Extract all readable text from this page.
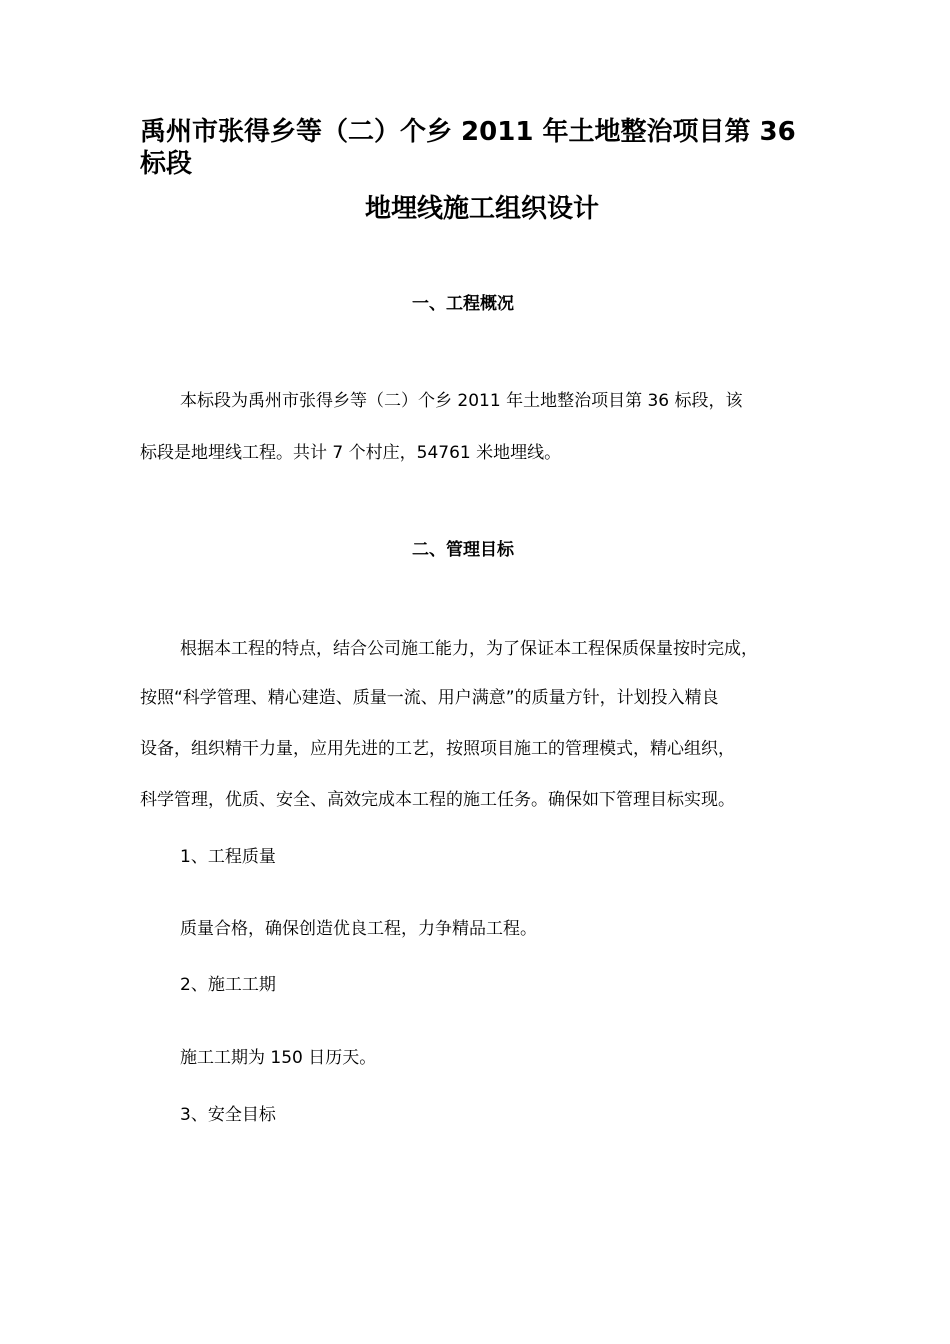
禹州市张得乡等（二）个乡 2011 年土地整治项目第 36
标段
地埋线施工组织设计
一、工程概况
本标段为禹州市张得乡等（二）个乡 2011 年土地整治项目第 36 标段，该
标段是地埋线工程。共计 7 个村庄，54761 米地埋线。
二、管理目标
根据本工程的特点，结合公司施工能力，为了保证本工程保质保量按时完成，
按照“科学管理、精心建造、质量一流、用户满意”的质量方针，计划投入精良
设备，组织精干力量，应用先进的工艺，按照项目施工的管理模式，精心组织，
科学管理，优质、安全、高效完成本工程的施工任务。确保如下管理目标实现。
1、工程质量
质量合格，确保创造优良工程，力争精品工程。
2、施工工期
施工工期为 150 日历天。
3、安全目标
